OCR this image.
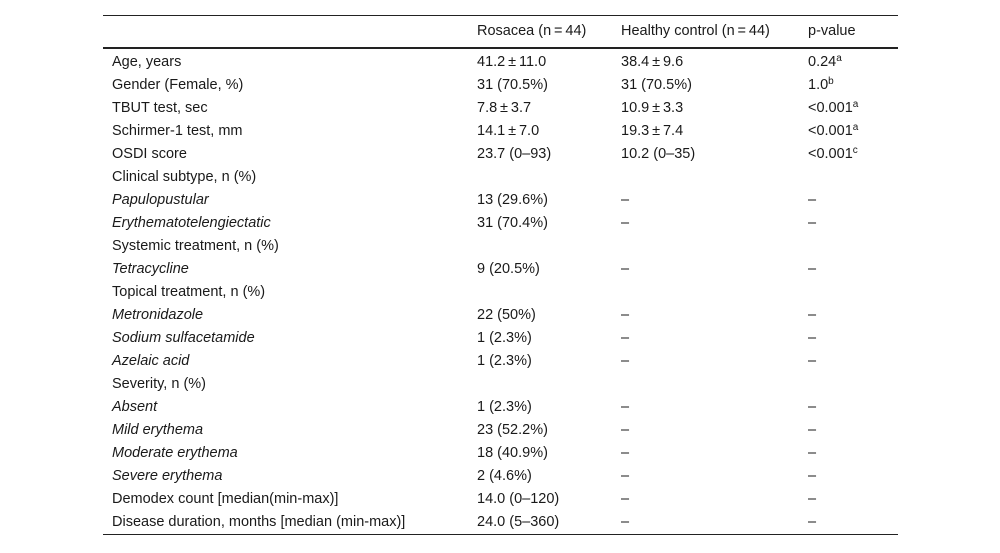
	Rosacea (n = 44)	Healthy control (n = 44)	p-value
Age, years	41.2 ± 11.0	38.4 ± 9.6	0.24$^a$
Gender (Female, %)	31 (70.5%)	31 (70.5%)	1.0$^b$
TBUT test, sec	7.8 ± 3.7	10.9 ± 3.3	<0.001$^a$
Schirmer-1 test, mm	14.1 ± 7.0	19.3 ± 7.4	<0.001$^a$
OSDI score	23.7 (0–93)	10.2 (0–35)	<0.001$^c$
Clinical subtype, n (%)			
Papulopustular	13 (29.6%)	–	–
Erythematotelengiectatic	31 (70.4%)	–	–
Systemic treatment, n (%)			
Tetracycline	9 (20.5%)	–	–
Topical treatment, n (%)			
Metronidazole	22 (50%)	–	–
Sodium sulfacetamide	1 (2.3%)	–	–
Azelaic acid	1 (2.3%)	–	–
Severity, n (%)			
Absent	1 (2.3%)	–	–
Mild erythema	23 (52.2%)	–	–
Moderate erythema	18 (40.9%)	–	–
Severe erythema	2 (4.6%)	–	–
Demodex count [median(min-max)]	14.0 (0–120)	–	–
Disease duration, months [median (min-max)]	24.0 (5–360)	–	–
